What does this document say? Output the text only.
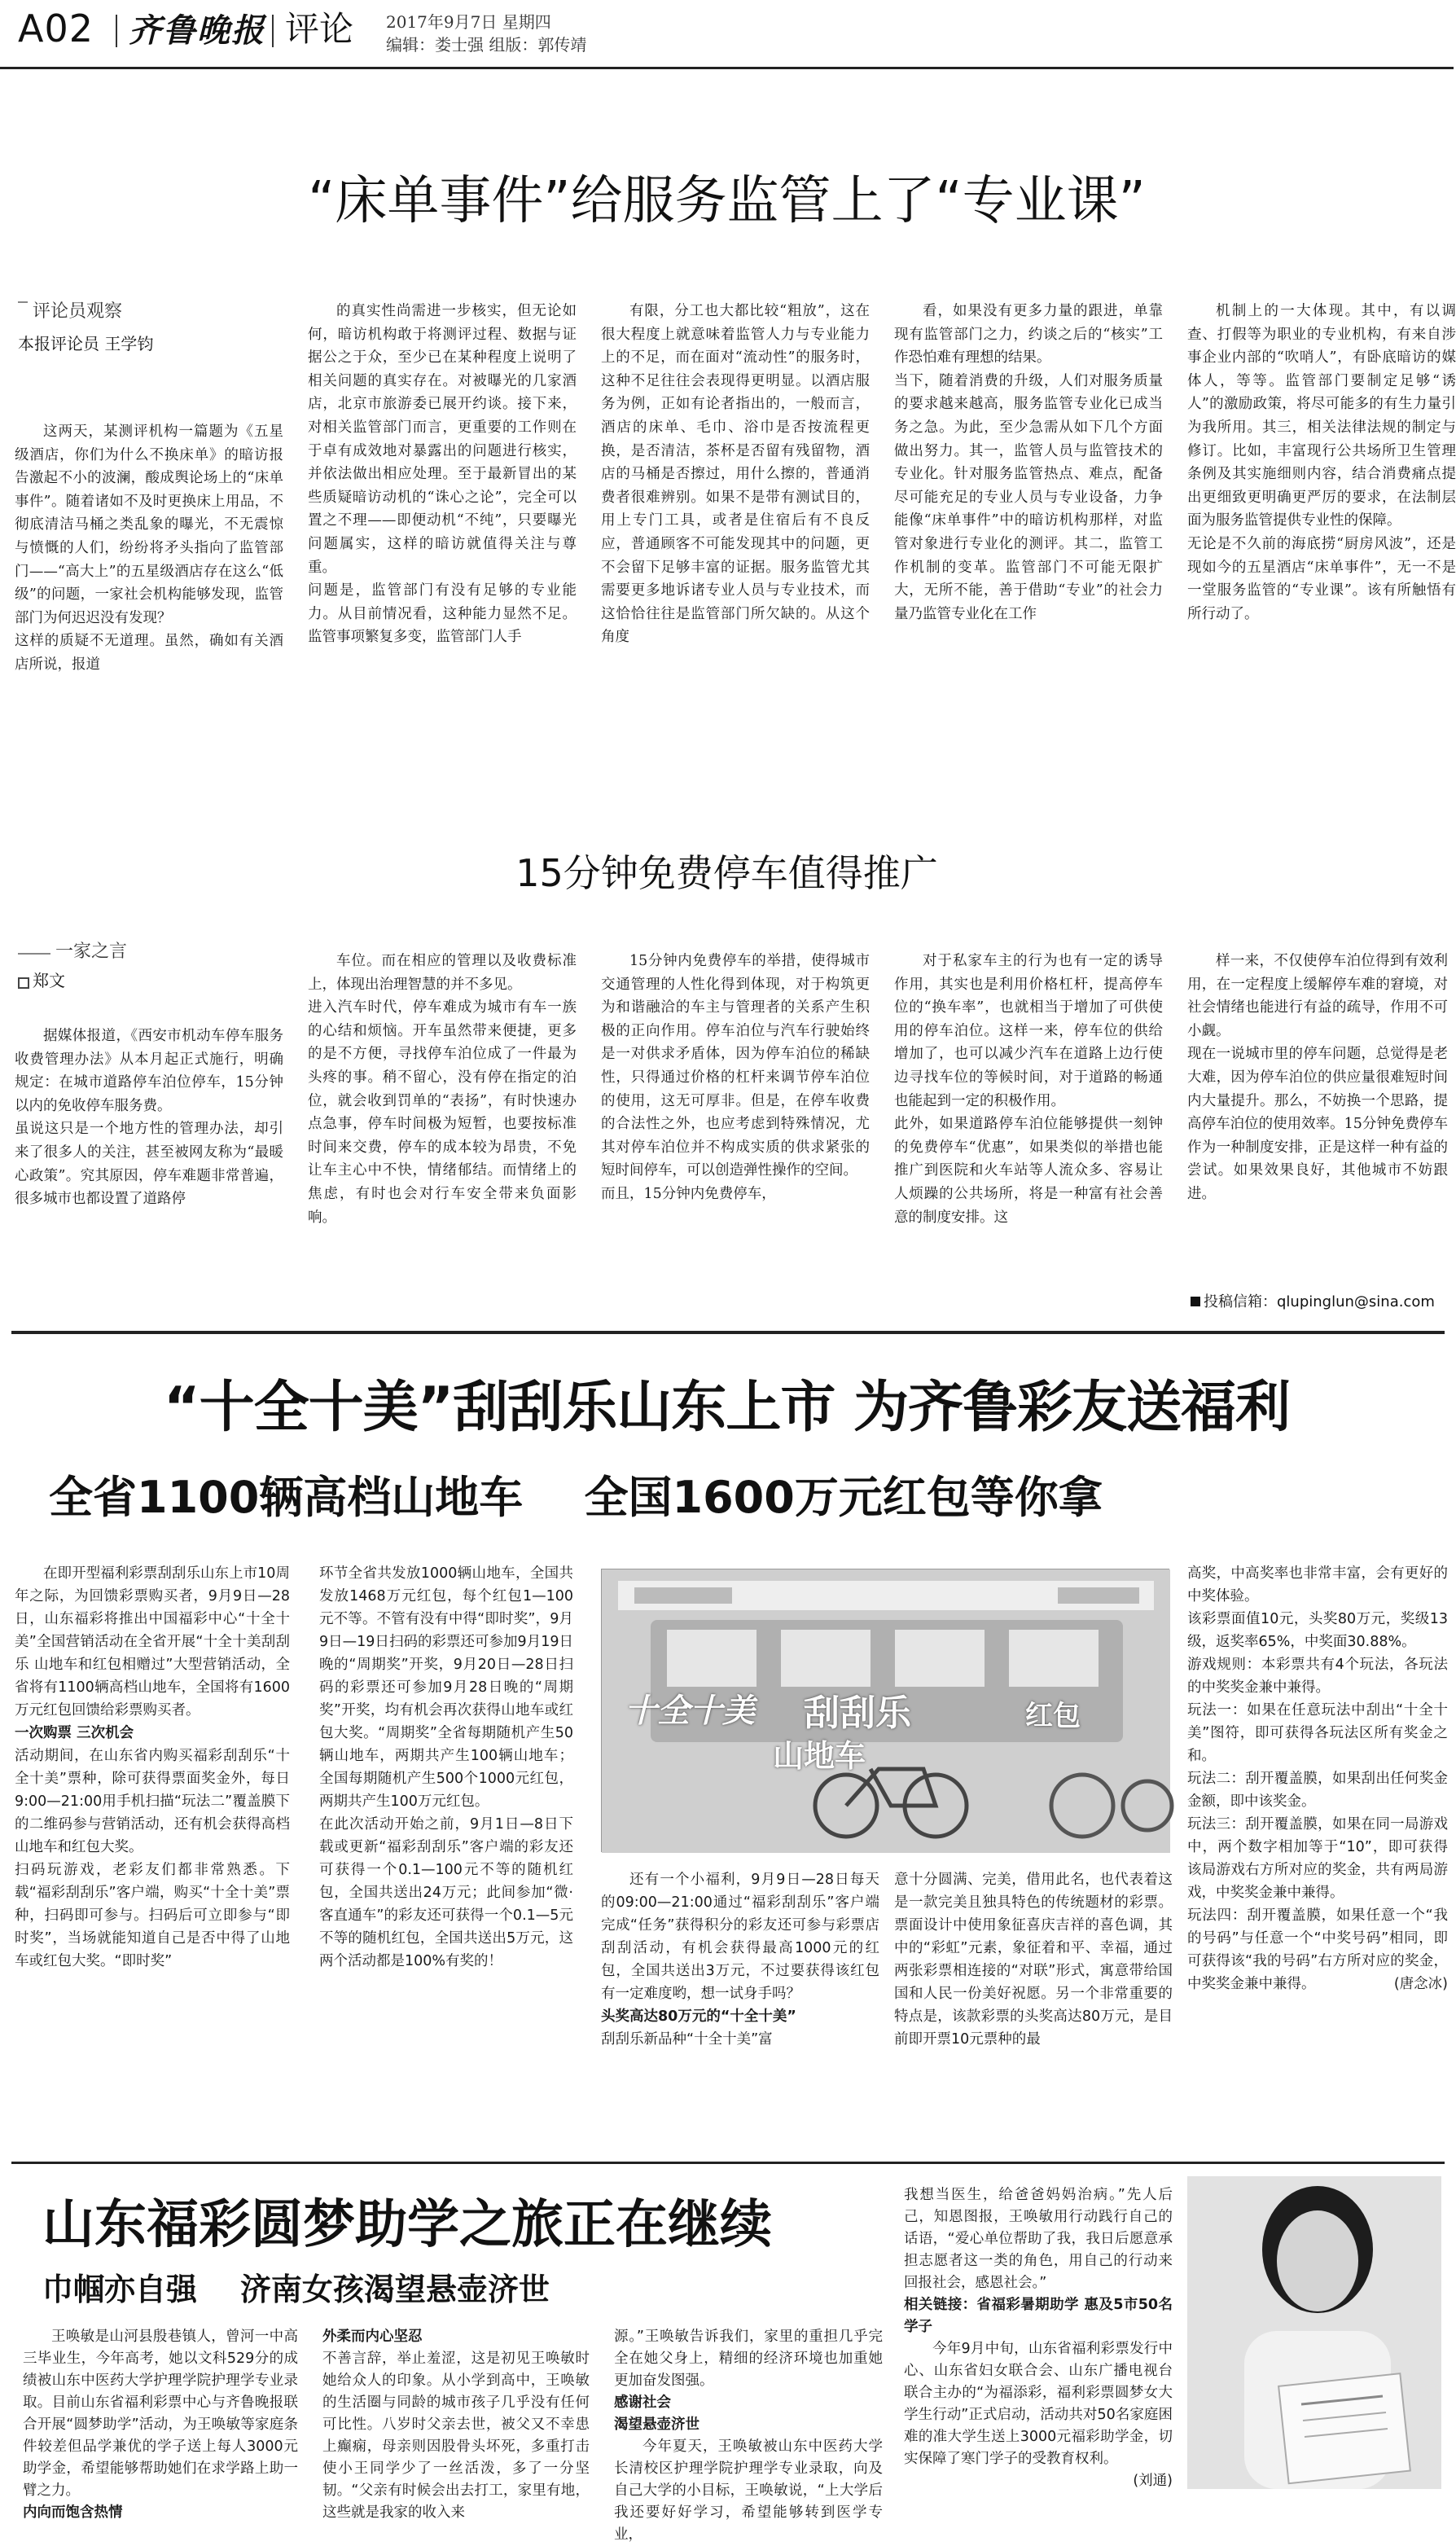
A02 齐鲁晚报 评论 2017年9月7日 星期四
编辑：娄士强 组版：郭传靖
“床单事件”给服务监管上了“专业课”
评论员观察
本报评论员 王学钧
这两天，某测评机构一篇题为《五星级酒店，你们为什么不换床单》的暗访报告激起不小的波澜，酸成舆论场上的“床单事件”。随着诸如不及时更换床上用品，不彻底清洁马桶之类乱象的曝光，不无震惊与愤慨的人们，纷纷将矛头指向了监管部门——“高大上”的五星级酒店存在这么“低级”的问题，一家社会机构能够发现，监管部门为何迟迟没有发现？
这样的质疑不无道理。虽然，确如有关酒店所说，报道
的真实性尚需进一步核实，但无论如何，暗访机构敢于将测评过程、数据与证据公之于众，至少已在某种程度上说明了相关问题的真实存在。对被曝光的几家酒店，北京市旅游委已展开约谈。接下来，对相关监管部门而言，更重要的工作则在于卓有成效地对暴露出的问题进行核实，并依法做出相应处理。至于最新冒出的某些质疑暗访动机的“诛心之论”，完全可以置之不理——即便动机“不纯”，只要曝光问题属实，这样的暗访就值得关注与尊重。
问题是，监管部门有没有足够的专业能力。从目前情况看，这种能力显然不足。监管事项繁复多变，监管部门人手
有限，分工也大都比较“粗放”，这在很大程度上就意味着监管人力与专业能力上的不足，而在面对“流动性”的服务时，这种不足往往会表现得更明显。以酒店服务为例，正如有论者指出的，一般而言，酒店的床单、毛巾、浴巾是否按流程更换，是否清洁，茶杯是否留有残留物，酒店的马桶是否擦过，用什么擦的，普通消费者很难辨别。如果不是带有测试目的，用上专门工具，或者是住宿后有不良反应，普通顾客不可能发现其中的问题，更不会留下足够丰富的证据。服务监管尤其需要更多地诉诸专业人员与专业技术，而这恰恰往往是监管部门所欠缺的。从这个角度
看，如果没有更多力量的跟进，单靠现有监管部门之力，约谈之后的“核实”工作恐怕难有理想的结果。
当下，随着消费的升级，人们对服务质量的要求越来越高，服务监管专业化已成当务之急。为此，至少急需从如下几个方面做出努力。其一，监管人员与监管技术的专业化。针对服务监管热点、难点，配备尽可能充足的专业人员与专业设备，力争能像“床单事件”中的暗访机构那样，对监管对象进行专业化的测评。其二，监管工作机制的变革。监管部门不可能无限扩大，无所不能，善于借助“专业”的社会力量乃监管专业化在工作
机制上的一大体现。其中，有以调查、打假等为职业的专业机构，有来自涉事企业内部的“吹哨人”，有卧底暗访的媒体人，等等。监管部门要制定足够“诱人”的激励政策，将尽可能多的有生力量引为我所用。其三，相关法律法规的制定与修订。比如，丰富现行公共场所卫生管理条例及其实施细则内容，结合消费痛点提出更细致更明确更严厉的要求，在法制层面为服务监管提供专业性的保障。
无论是不久前的海底捞“厨房风波”，还是现如今的五星酒店“床单事件”，无一不是一堂服务监管的“专业课”。该有所触悟有所行动了。
15分钟免费停车值得推广
一家之言
郑文
据媒体报道，《西安市机动车停车服务收费管理办法》从本月起正式施行，明确规定：在城市道路停车泊位停车，15分钟以内的免收停车服务费。
虽说这只是一个地方性的管理办法，却引来了很多人的关注，甚至被网友称为“最暖心政策”。究其原因，停车难题非常普遍，很多城市也都设置了道路停
车位。而在相应的管理以及收费标准上，体现出治理智慧的并不多见。
进入汽车时代，停车难成为城市有车一族的心结和烦恼。开车虽然带来便捷，更多的是不方便，寻找停车泊位成了一件最为头疼的事。稍不留心，没有停在指定的泊位，就会收到罚单的“表扬”，有时快速办点急事，停车时间极为短暂，也要按标准时间来交费，停车的成本较为昂贵，不免让车主心中不快，情绪郁结。而情绪上的焦虑，有时也会对行车安全带来负面影响。
15分钟内免费停车的举措，使得城市交通管理的人性化得到体现，对于构筑更为和谐融洽的车主与管理者的关系产生积极的正向作用。停车泊位与汽车行驶始终是一对供求矛盾体，因为停车泊位的稀缺性，只得通过价格的杠杆来调节停车泊位的使用，这无可厚非。但是，在停车收费的合法性之外，也应考虑到特殊情况，尤其对停车泊位并不构成实质的供求紧张的短时间停车，可以创造弹性操作的空间。
而且，15分钟内免费停车，
对于私家车主的行为也有一定的诱导作用，其实也是利用价格杠杆，提高停车位的“换车率”，也就相当于增加了可供使用的停车泊位。这样一来，停车位的供给增加了，也可以减少汽车在道路上边行使边寻找车位的等候时间，对于道路的畅通也能起到一定的积极作用。
此外，如果道路停车泊位能够提供一刻钟的免费停车“优惠”，如果类似的举措也能推广到医院和火车站等人流众多、容易让人烦躁的公共场所，将是一种富有社会善意的制度安排。这
样一来，不仅使停车泊位得到有效利用，在一定程度上缓解停车难的窘境，对社会情绪也能进行有益的疏导，作用不可小觑。
现在一说城市里的停车问题，总觉得是老大难，因为停车泊位的供应量很难短时间内大量提升。那么，不妨换一个思路，提高停车泊位的使用效率。15分钟免费停车作为一种制度安排，正是这样一种有益的尝试。如果效果良好，其他城市不妨跟进。
投稿信箱：qlupinglun@sina.com
“十全十美”刮刮乐山东上市 为齐鲁彩友送福利
全省1100辆高档山地车    全国1600万元红包等你拿
在即开型福利彩票刮刮乐山东上市10周年之际，为回馈彩票购买者，9月9日—28日，山东福彩将推出中国福彩中心“十全十美”全国营销活动在全省开展“十全十美刮刮乐 山地车和红包相赠过”大型营销活动，全省将有1100辆高档山地车，全国将有1600万元红包回馈给彩票购买者。
一次购票 三次机会
活动期间，在山东省内购买福彩刮刮乐“十全十美”票种，除可获得票面奖金外，每日9:00—21:00用手机扫描“玩法二”覆盖膜下的二维码参与营销活动，还有机会获得高档山地车和红包大奖。
扫码玩游戏，老彩友们都非常熟悉。下载“福彩刮刮乐”客户端，购买“十全十美”票种，扫码即可参与。扫码后可立即参与“即时奖”，当场就能知道自己是否中得了山地车或红包大奖。“即时奖”
环节全省共发放1000辆山地车，全国共发放1468万元红包，每个红包1—100元不等。不管有没有中得“即时奖”，9月9日—19日扫码的彩票还可参加9月19日晚的“周期奖”开奖，9月20日—28日扫码的彩票还可参加9月28日晚的“周期奖”开奖，均有机会再次获得山地车或红包大奖。“周期奖”全省每期随机产生50辆山地车，两期共产生100辆山地车；全国每期随机产生500个1000元红包，两期共产生100万元红包。
在此次活动开始之前，9月1日—8日下载或更新“福彩刮刮乐”客户端的彩友还可获得一个0.1—100元不等的随机红包，全国共送出24万元；此间参加“微·客直通车”的彩友还可获得一个0.1—5元不等的随机红包，全国共送出5万元，这两个活动都是100%有奖的！
十全十美 刮刮乐
山地车
红包
还有一个小福利，9月9日—28日每天的09:00—21:00通过“福彩刮刮乐”客户端完成“任务”获得积分的彩友还可参与彩票店刮刮活动，有机会获得最高1000元的红包，全国共送出3万元，不过要获得该红包有一定难度哟，想一试身手吗？
头奖高达80万元的“十全十美”
刮刮乐新品种“十全十美”富
意十分圆满、完美，借用此名，也代表着这是一款完美且独具特色的传统题材的彩票。票面设计中使用象征喜庆吉祥的喜色调，其中的“彩虹”元素，象征着和平、幸福，通过两张彩票相连接的“对联”形式，寓意带给国国和人民一份美好祝愿。另一个非常重要的特点是，该款彩票的头奖高达80万元，是目前即开票10元票种的最
高奖，中高奖率也非常丰富，会有更好的中奖体验。
该彩票面值10元，头奖80万元，奖级13级，返奖率65%，中奖面30.88%。
游戏规则：本彩票共有4个玩法，各玩法的中奖奖金兼中兼得。
玩法一：如果在任意玩法中刮出“十全十美”图符，即可获得各玩法区所有奖金之和。
玩法二：刮开覆盖膜，如果刮出任何奖金金额，即中该奖金。
玩法三：刮开覆盖膜，如果在同一局游戏中，两个数字相加等于“10”，即可获得该局游戏右方所对应的奖金，共有两局游戏，中奖奖金兼中兼得。
玩法四：刮开覆盖膜，如果任意一个“我的号码”与任意一个“中奖号码”相同，即可获得该“我的号码”右方所对应的奖金，中奖奖金兼中兼得。	(唐念冰)
山东福彩圆梦助学之旅正在继续
巾帼亦自强    济南女孩渴望悬壶济世
王唤敏是山河县殷巷镇人，曾河一中高三毕业生，今年高考，她以文科529分的成绩被山东中医药大学护理学院护理学专业录取。目前山东省福利彩票中心与齐鲁晚报联合开展“圆梦助学”活动，为王唤敏等家庭条件较差但品学兼优的学子送上每人3000元助学金，希望能够帮助她们在求学路上助一臂之力。
内向而饱含热情
外柔而内心坚忍
不善言辞，举止羞涩，这是初见王唤敏时她给众人的印象。从小学到高中，王唤敏的生活圈与同龄的城市孩子几乎没有任何可比性。八岁时父亲去世，被父又不幸患上癫痫，母亲则因股骨头坏死，多重打击使小王同学少了一丝活泼，多了一分坚韧。“父亲有时候会出去打工，家里有地，这些就是我家的收入来
源。”王唤敏告诉我们，家里的重担几乎完全在她父身上，精细的经济环境也加重她更加奋发图强。
感谢社会
渴望悬壶济世
今年夏天，王唤敏被山东中医药大学长清校区护理学院护理学专业录取，向及自己大学的小目标，王唤敏说，“上大学后我还要好好学习，希望能够转到医学专业，
我想当医生，给爸爸妈妈治病。”先人后己，知恩图报，王唤敏用行动践行自己的话语，“爱心单位帮助了我，我日后愿意承担志愿者这一类的角色，用自己的行动来回报社会，感恩社会。”
相关链接：省福彩暑期助学 惠及5市50名学子
今年9月中旬，山东省福利彩票发行中心、山东省妇女联合会、山东广播电视台联合主办的“为福添彩，福利彩票圆梦女大学生行动”正式启动，活动共对50名家庭困难的准大学生送上3000元福彩助学金，切实保障了寒门学子的受教育权利。
(刘通)
